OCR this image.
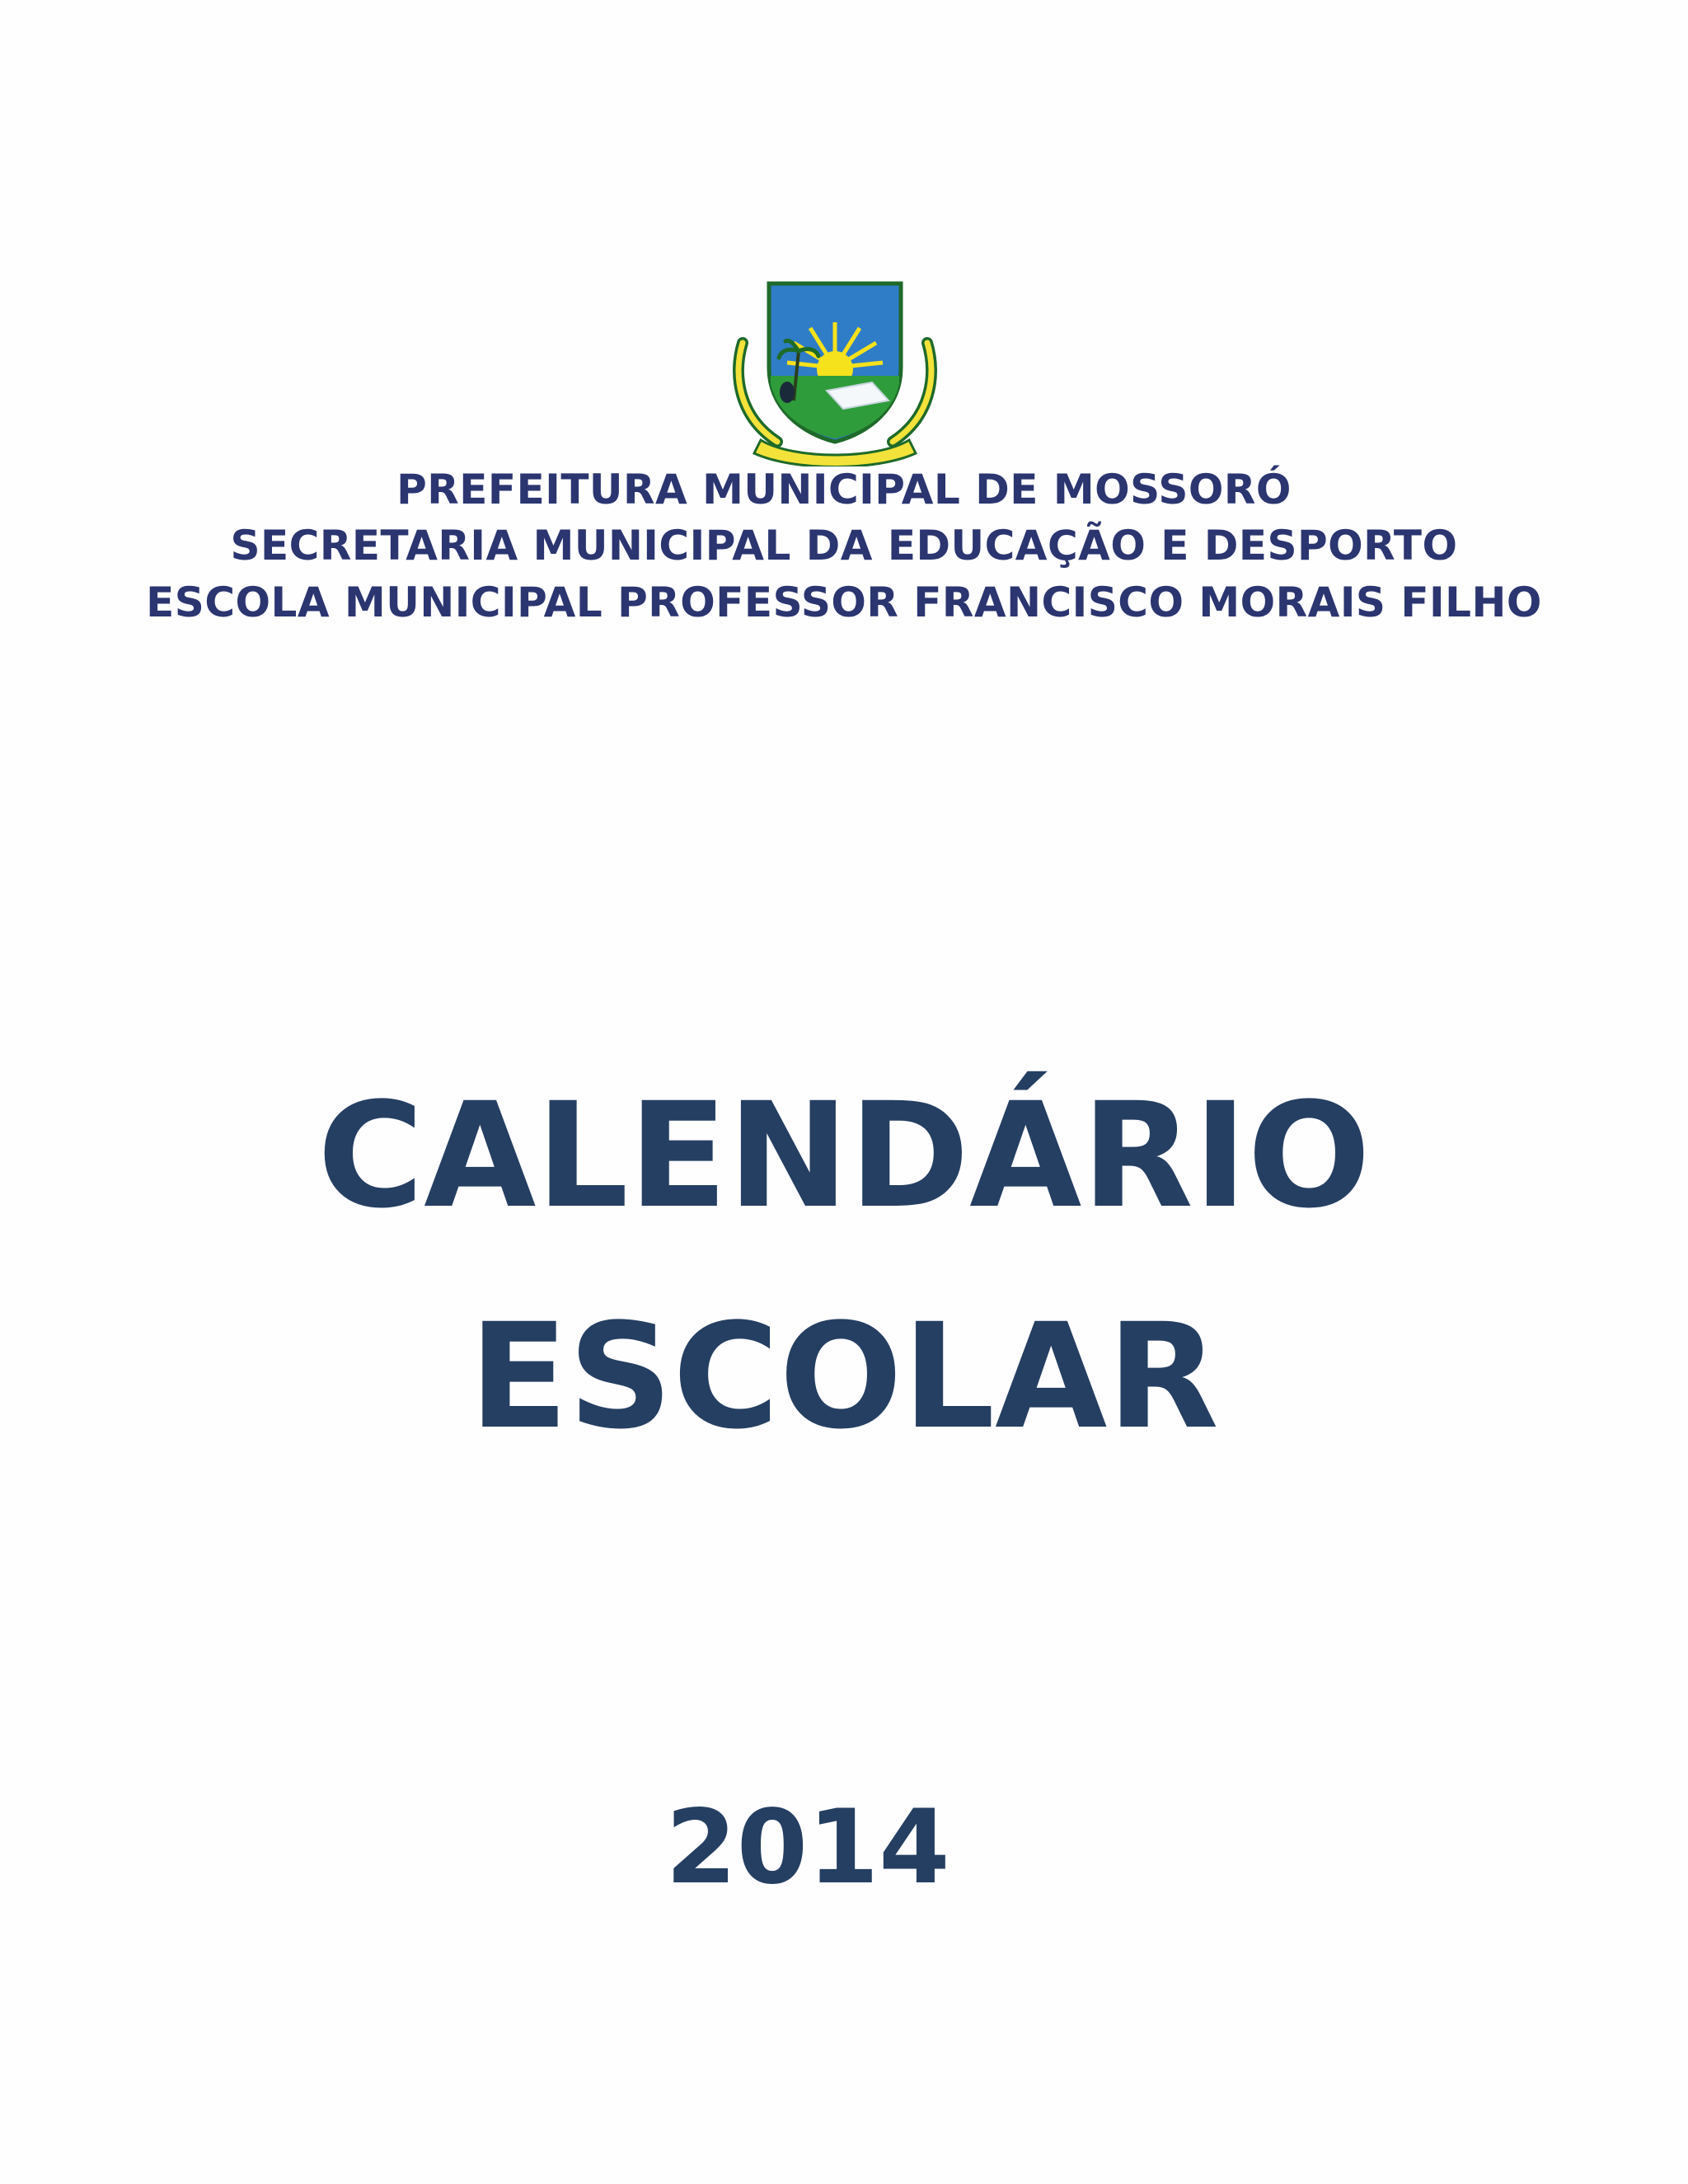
PREFEITURA MUNICIPAL DE MOSSORÓ
SECRETARIA MUNICIPAL DA EDUCAÇÃO E DESPORTO
ESCOLA MUNICIPAL PROFESSOR FRANCISCO MORAIS FILHO
CALENDÁRIO
ESCOLAR
2014
